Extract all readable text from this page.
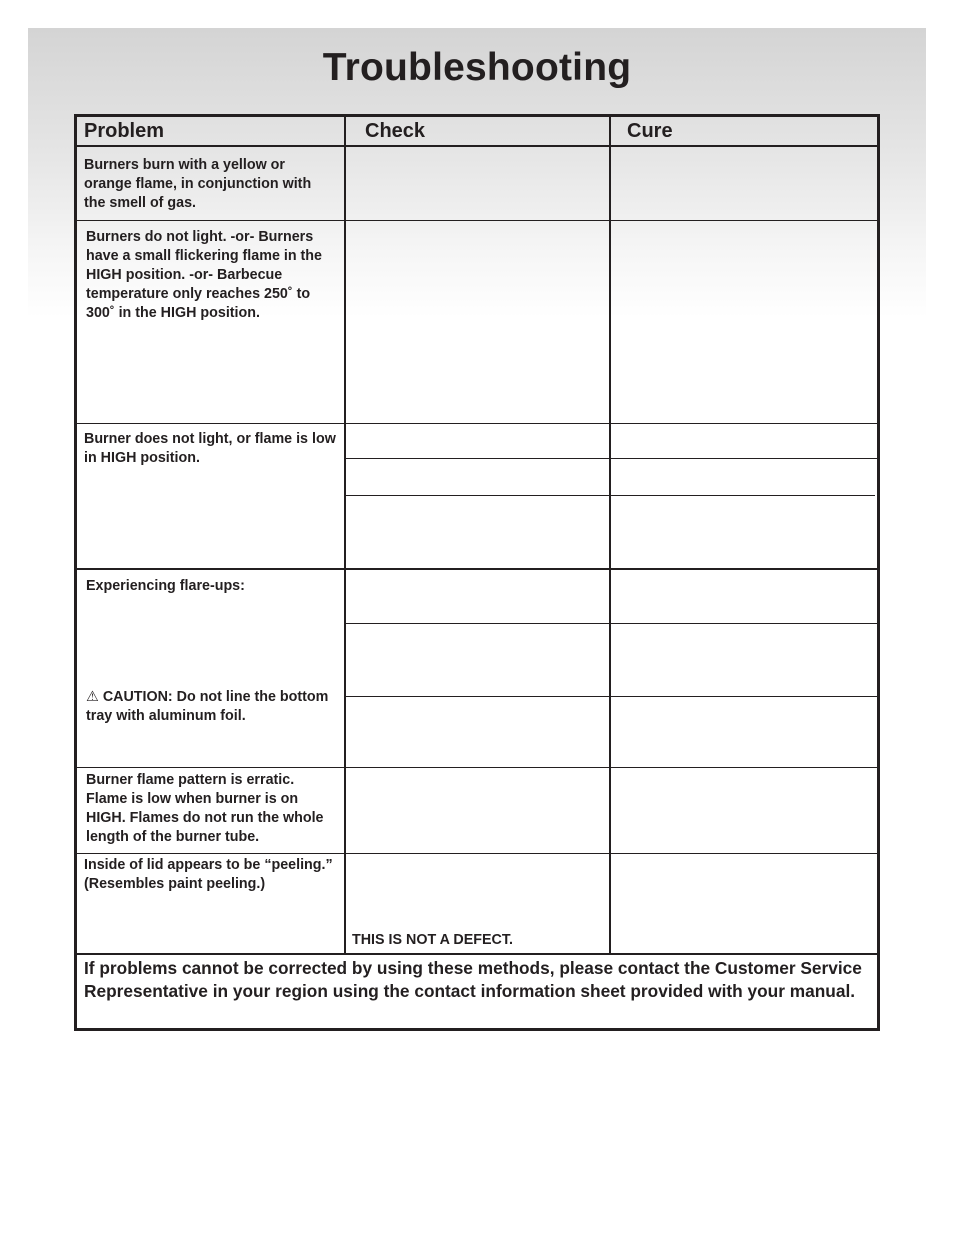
Troubleshooting
Problem	Check	Cure
Burners burn with a yellow or orange flame, in conjunction with the smell of gas.
Burners do not light. -or- Burners have a small flickering flame in the HIGH position. -or- Barbecue temperature only reaches 250˚ to 300˚ in the HIGH position.
Burner does not light, or flame is low in HIGH position.
Experiencing flare-ups:
⚠ CAUTION: Do not line the bottom tray with aluminum foil.
Burner flame pattern is erratic. Flame is low when burner is on HIGH. Flames do not run the whole length of the burner tube.
Inside of lid appears to be “peeling.” (Resembles paint peeling.)
THIS IS NOT A DEFECT.
If problems cannot be corrected by using these methods, please contact the Customer Service Representative in your region using the contact information sheet provided with your manual.
